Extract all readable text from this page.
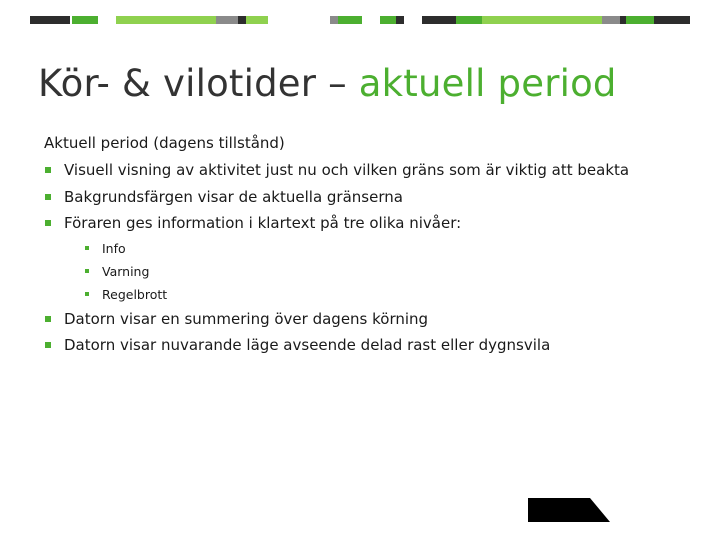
Kör- & vilotider – aktuell period

Aktuell period (dagens tillstånd)

Visuell visning av aktivitet just nu och vilken gräns som är viktig att beakta
Bakgrundsfärgen visar de aktuella gränserna
Föraren ges information i klartext på tre olika nivåer:
Info
Varning
Regelbrott
Datorn visar en summering över dagens körning
Datorn visar nuvarande läge avseende delad rast eller dygnsvila
